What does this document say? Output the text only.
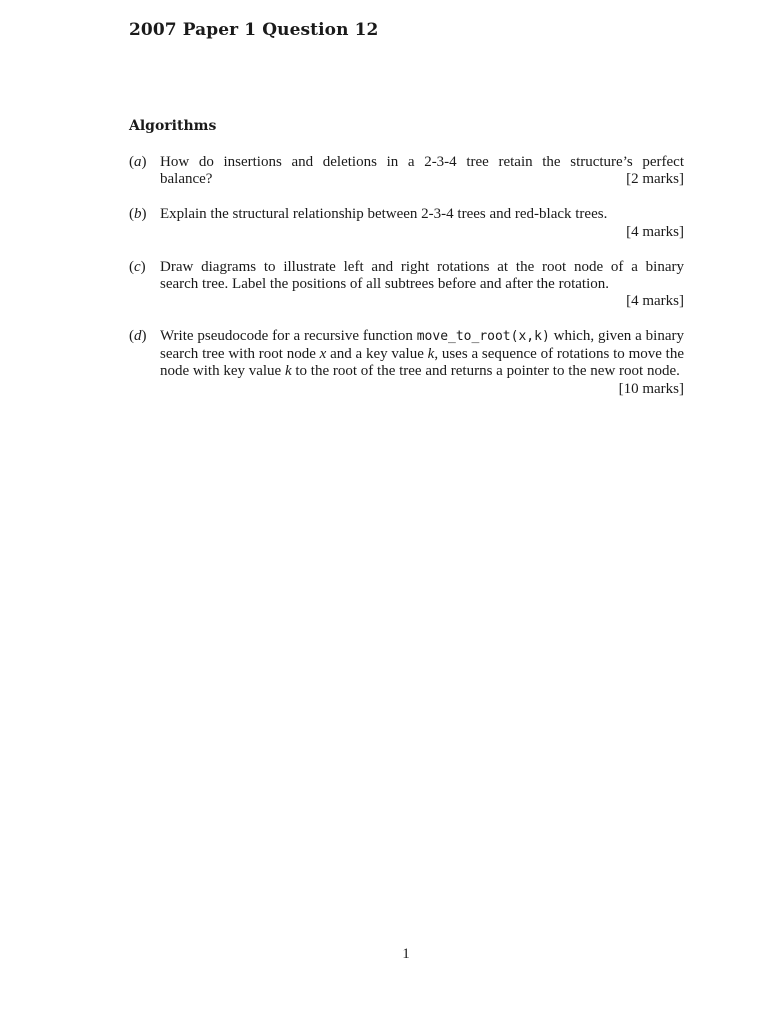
2007 Paper 1 Question 12
Algorithms
(a) How do insertions and deletions in a 2-3-4 tree retain the structure’s perfect
balance?	[2 marks]
(b) Explain the structural relationship between 2-3-4 trees and red-black trees.
[4 marks]
(c) Draw diagrams to illustrate left and right rotations at the root node of a binary
search tree. Label the positions of all subtrees before and after the rotation.
[4 marks]
(d) Write pseudocode for a recursive function move_to_root(x,k) which, given a binary search tree with root node x and a key value k, uses a sequence of rotations to move the node with key value k to the root of the tree and returns a pointer to the new root node.
[10 marks]
1
